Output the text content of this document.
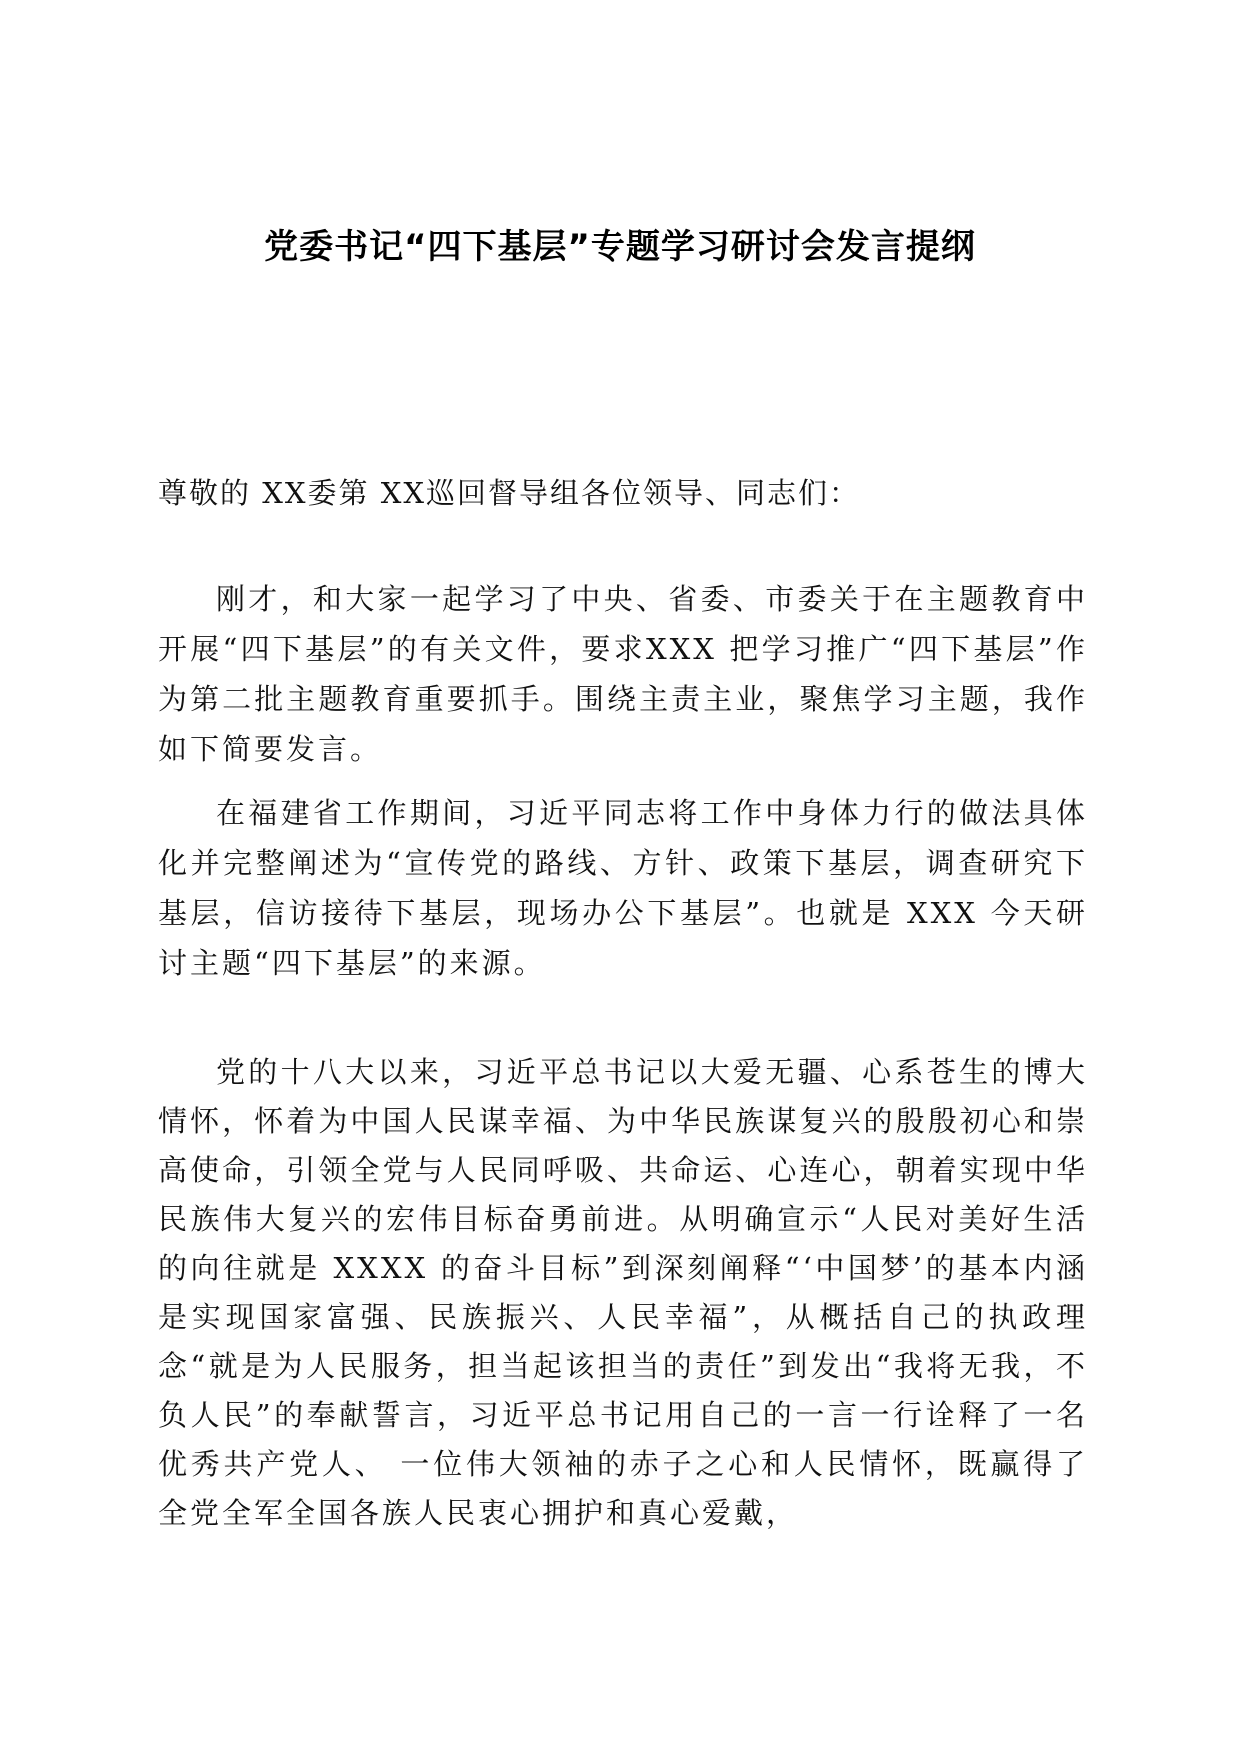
党委书记“四下基层”专题学习研讨会发言提纲
尊敬的 XX委第 XX巡回督导组各位领导、同志们：

刚才，和大家一起学习了中央、省委、市委关于在主题教育中开展“四下基层”的有关文件，要求XXX 把学习推广“四下基层”作为第二批主题教育重要抓手。围绕主责主业，聚焦学习主题，我作如下简要发言。

在福建省工作期间，习近平同志将工作中身体力行的做法具体化并完整阐述为“宣传党的路线、方针、政策下基层，调查研究下基层，信访接待下基层，现场办公下基层”。也就是 XXX 今天研讨主题“四下基层”的来源。

党的十八大以来，习近平总书记以大爱无疆、心系苍生的博大情怀，怀着为中国人民谋幸福、为中华民族谋复兴的殷殷初心和崇高使命，引领全党与人民同呼吸、共命运、心连心，朝着实现中华民族伟大复兴的宏伟目标奋勇前进。从明确宣示“人民对美好生活的向往就是 XXXX 的奋斗目标”到深刻阐释“‘中国梦’的基本内涵是实现国家富强、民族振兴、人民幸福”，从概括自己的执政理念“就是为人民服务，担当起该担当的责任”到发出“我将无我，不负人民”的奉献誓言，习近平总书记用自己的一言一行诠释了一名优秀共产党人、 一位伟大领袖的赤子之心和人民情怀，既赢得了全党全军全国各族人民衷心拥护和真心爱戴，
